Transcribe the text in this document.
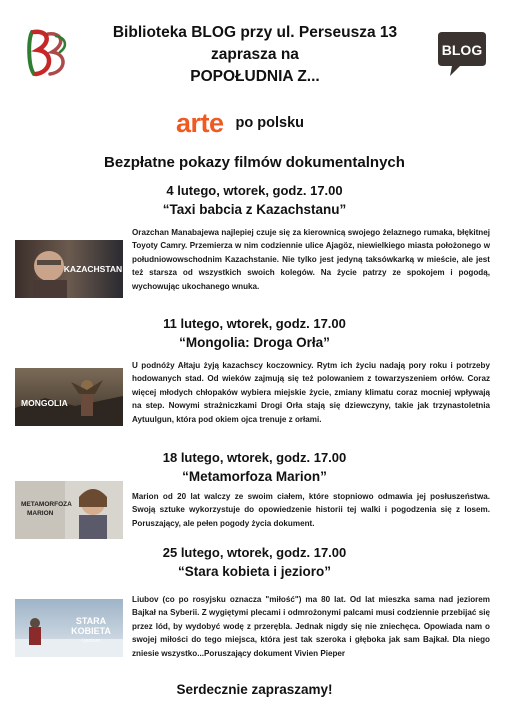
Biblioteka BLOG przy ul. Perseusza 13
zaprasza na
POPOŁUDNIA Z...
BLOG
arte po polsku
Bezpłatne pokazy filmów dokumentalnych
4 lutego, wtorek, godz. 17.00
“Taxi babcia z Kazachstanu”
KAZACHSTAN
Orazchan Manabajewa najlepiej czuje się za kierownicą swojego żelaznego rumaka, błękitnej Toyoty Camry. Przemierza w nim codziennie ulice Ajagöz, niewielkiego miasta położonego w południowowschodnim Kazachstanie. Nie tylko jest jedyną taksówkarką w mieście, ale jest też starsza od wszystkich swoich kolegów. Na życie patrzy ze spokojem i pogodą, wychowując ukochanego wnuka.
11 lutego, wtorek, godz. 17.00
“Mongolia: Droga Orła”
MONGOLIA
U podnóży Ałtaju żyją kazachscy koczownicy. Rytm ich życiu nadają pory roku i potrzeby hodowanych stad. Od wieków zajmują się też polowaniem z towarzyszeniem orłów. Coraz więcej młodych chłopaków wybiera miejskie życie, zmiany klimatu coraz mocniej wpływają na step. Nowymi strażniczkami Drogi Orła stają się dziewczyny, takie jak trzynastoletnia Aytuulgun, która pod okiem ojca trenuje z orłami.
18 lutego, wtorek, godz. 17.00
“Metamorfoza Marion”
METAMORFOZA
MARION
Marion od 20 lat walczy ze swoim ciałem, które stopniowo odmawia jej posłuszeństwa. Swoją sztuke wykorzystuje do opowiedzenie historii tej walki i pogodzenia się z losem. Poruszający, ale pełen pogody życia dokument.
25 lutego, wtorek, godz. 17.00
“Stara kobieta i jezioro”
STARA
KOBIETA
i jezioro
Liubov (co po rosyjsku oznacza "miłość") ma 80 lat. Od lat mieszka sama nad jeziorem Bajkał na Syberii. Z wygiętymi plecami i odmrożonymi palcami musi codziennie przebijać się przez lód, by wydobyć wodę z przerębla. Jednak nigdy się nie zniechęca. Opowiada nam o swojej miłości do tego miejsca, która jest tak szeroka i głęboka jak sam Bajkał. Dla niego zniesie wszystko...Poruszający dokument Vivien Pieper
Serdecznie zapraszamy!
